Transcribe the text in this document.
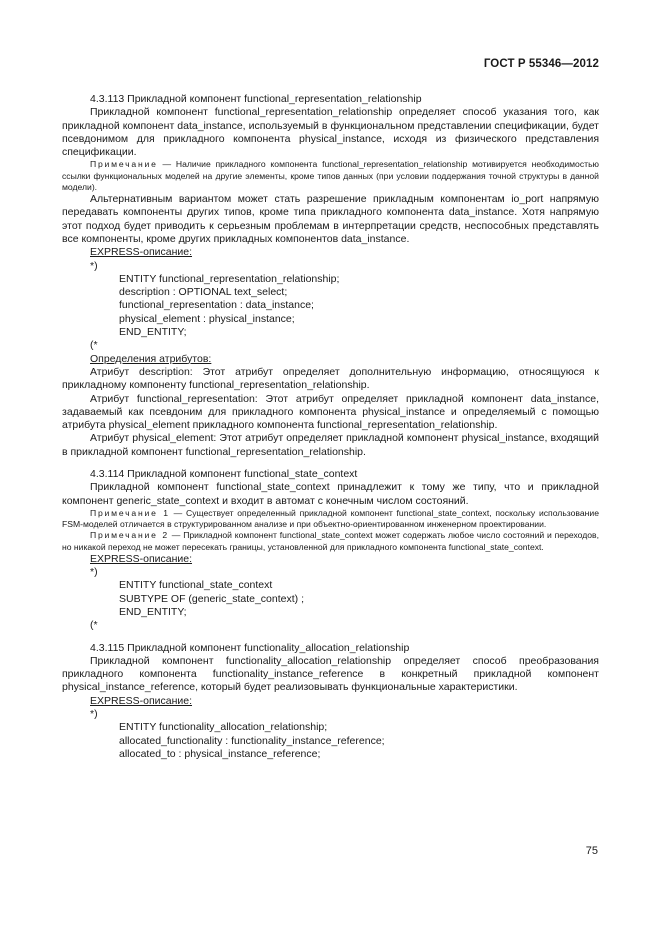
ГОСТ Р 55346—2012

4.3.113 Прикладной компонент functional_representation_relationship

Прикладной компонент functional_representation_relationship определяет способ указания того, как прикладной компонент data_instance, используемый в функциональном представлении спецификации, будет псевдонимом для прикладного компонента physical_instance, исходя из физического представления спецификации.

Примечание — Наличие прикладного компонента functional_representation_relationship мотивируется необходимостью ссылки функциональных моделей на другие элементы, кроме типов данных (при условии поддержания точной структуры в данной модели).

Альтернативным вариантом может стать разрешение прикладным компонентам io_port напрямую передавать компоненты других типов, кроме типа прикладного компонента data_instance. Хотя напрямую этот подход будет приводить к серьезным проблемам в интерпретации средств, неспособных представлять все компоненты, кроме других прикладных компонентов data_instance.

EXPRESS-описание:

*)

ENTITY functional_representation_relationship;

description : OPTIONAL text_select;

functional_representation : data_instance;

physical_element : physical_instance;

END_ENTITY;

(*

Определения атрибутов:

Атрибут description: Этот атрибут определяет дополнительную информацию, относящуюся к прикладному компоненту functional_representation_relationship.

Атрибут functional_representation: Этот атрибут определяет прикладной компонент data_instance, задаваемый как псевдоним для прикладного компонента physical_instance и определяемый с помощью атрибута physical_element прикладного компонента functional_representation_relationship.

Атрибут physical_element: Этот атрибут определяет прикладной компонент physical_instance, входящий в прикладной компонент functional_representation_relationship.

4.3.114 Прикладной компонент functional_state_context

Прикладной компонент functional_state_context принадлежит к тому же типу, что и прикладной компонент generic_state_context и входит в автомат с конечным числом состояний.

Примечание 1 — Существует определенный прикладной компонент functional_state_context, поскольку использование FSM-моделей отличается в структурированном анализе и при объектно-ориентированном инженерном проектировании.

Примечание 2 — Прикладной компонент functional_state_context может содержать любое число состояний и переходов, но никакой переход не может пересекать границы, установленной для прикладного компонента functional_state_context.

EXPRESS-описание:

*)

ENTITY functional_state_context

SUBTYPE OF (generic_state_context) ;

END_ENTITY;

(*

4.3.115 Прикладной компонент functionality_allocation_relationship

Прикладной компонент functionality_allocation_relationship определяет способ преобразования прикладного компонента functionality_instance_reference в конкретный прикладной компонент physical_instance_reference, который будет реализовывать функциональные характеристики.

EXPRESS-описание:

*)

ENTITY functionality_allocation_relationship;

allocated_functionality : functionality_instance_reference;

allocated_to : physical_instance_reference;

75
